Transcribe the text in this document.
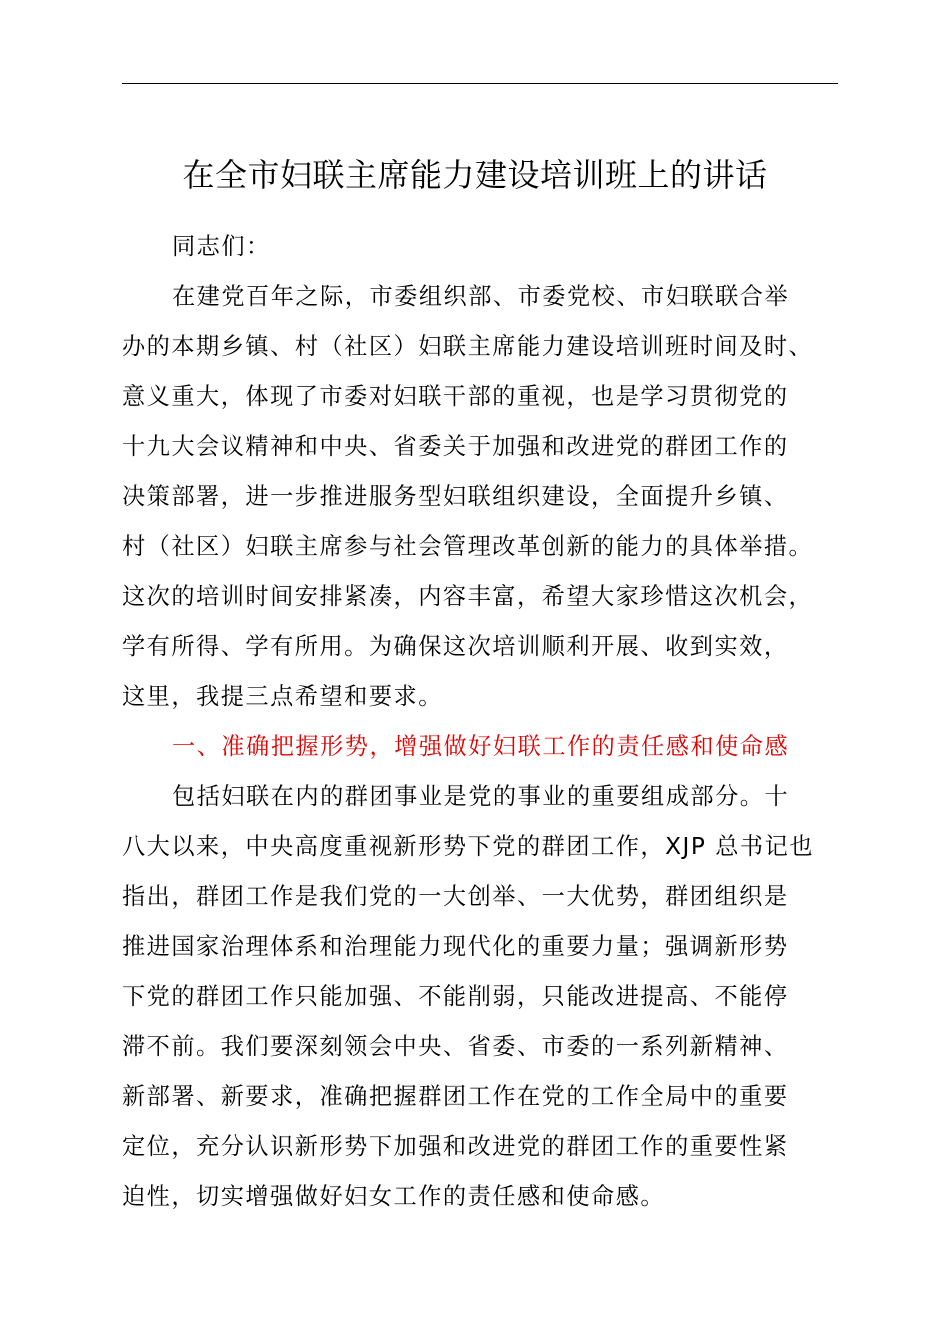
在全市妇联主席能力建设培训班上的讲话
同志们：
在建党百年之际，市委组织部、市委党校、市妇联联合举
办的本期乡镇、村（社区）妇联主席能力建设培训班时间及时、
意义重大，体现了市委对妇联干部的重视，也是学习贯彻党的
十九大会议精神和中央、省委关于加强和改进党的群团工作的
决策部署，进一步推进服务型妇联组织建设，全面提升乡镇、
村（社区）妇联主席参与社会管理改革创新的能力的具体举措。
这次的培训时间安排紧凑，内容丰富，希望大家珍惜这次机会，
学有所得、学有所用。为确保这次培训顺利开展、收到实效，
这里，我提三点希望和要求。
一、准确把握形势，增强做好妇联工作的责任感和使命感
包括妇联在内的群团事业是党的事业的重要组成部分。十
八大以来，中央高度重视新形势下党的群团工作，XJP 总书记也
指出，群团工作是我们党的一大创举、一大优势，群团组织是
推进国家治理体系和治理能力现代化的重要力量；强调新形势
下党的群团工作只能加强、不能削弱，只能改进提高、不能停
滞不前。我们要深刻领会中央、省委、市委的一系列新精神、
新部署、新要求，准确把握群团工作在党的工作全局中的重要
定位，充分认识新形势下加强和改进党的群团工作的重要性紧
迫性，切实增强做好妇女工作的责任感和使命感。
